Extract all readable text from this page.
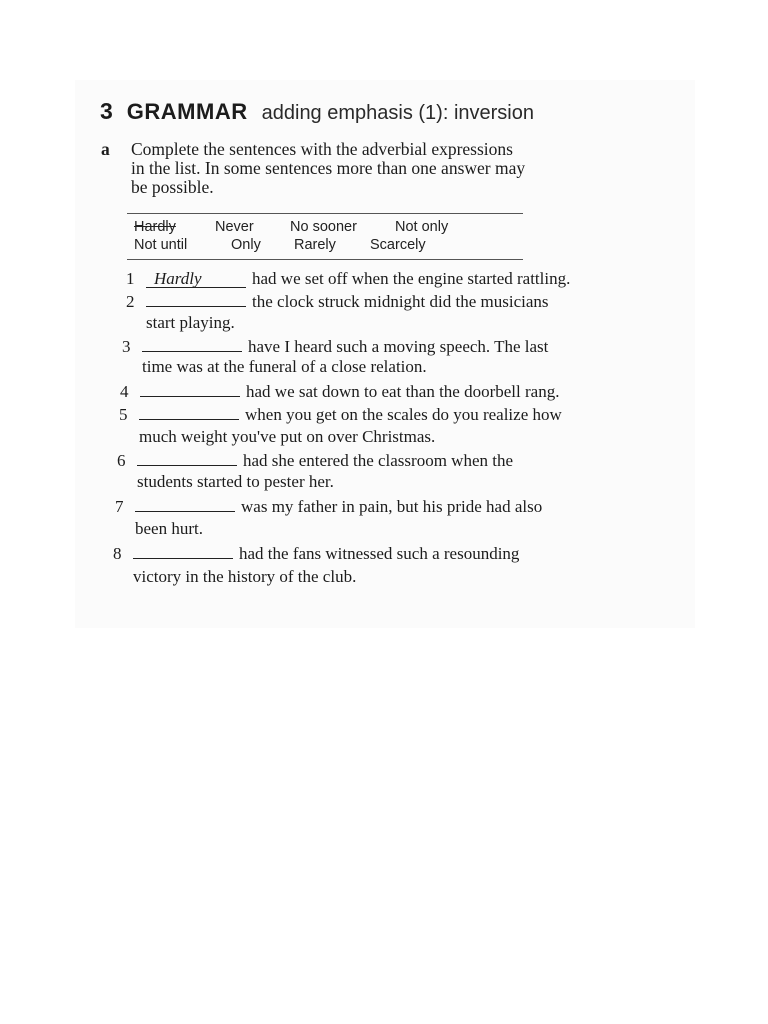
3 GRAMMAR adding emphasis (1): inversion
a Complete the sentences with the adverbial expressions
in the list. In some sentences more than one answer may
be possible.
Hardly	Never	No sooner	Not only
Not until	Only Rarely Scarcely
1 Hardly	had we set off when the engine started rattling.
2	the clock struck midnight did the musicians
start playing.
3	have I heard such a moving speech. The last
time was at the funeral of a close relation.
4	had we sat down to eat than the doorbell rang.
5	when you get on the scales do you realize how
much weight you've put on over Christmas.
6	had she entered the classroom when the
students started to pester her.
7	was my father in pain, but his pride had also
been hurt.
8	had the fans witnessed such a resounding
victory in the history of the club.
